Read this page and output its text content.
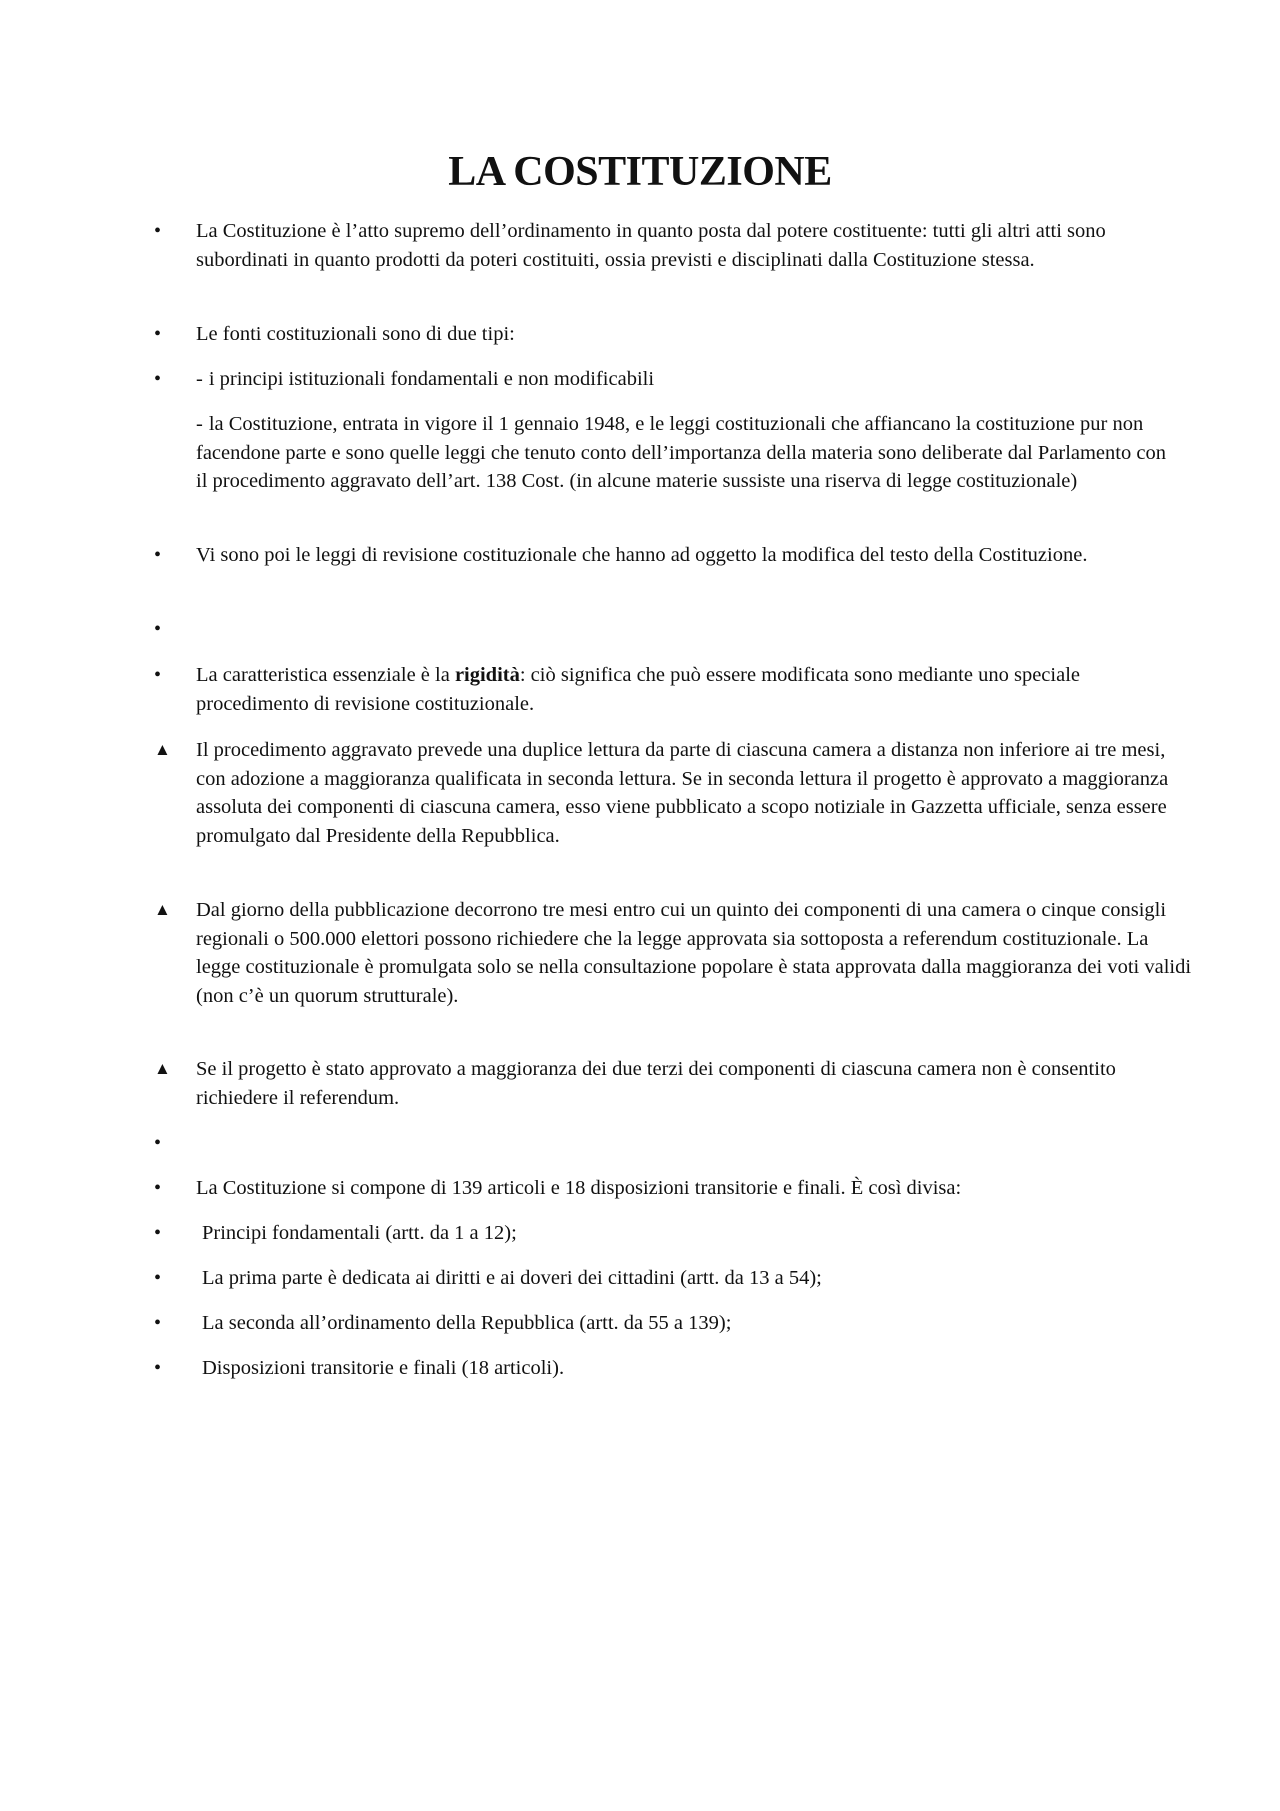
LA COSTITUZIONE
•	La Costituzione è l’atto supremo dell’ordinamento in quanto posta dal potere costituente: tutti gli altri atti sono subordinati in quanto prodotti da poteri costituiti, ossia previsti e disciplinati dalla Costituzione stessa.
•	Le fonti costituzionali sono di due tipi:
•	- i principi istituzionali fondamentali e non modificabili
- la Costituzione, entrata in vigore il 1 gennaio 1948, e le leggi costituzionali che affiancano la costituzione pur non facendone parte e sono quelle leggi che tenuto conto dell’importanza della materia sono deliberate dal Parlamento con il procedimento aggravato dell’art. 138 Cost. (in alcune materie sussiste una riserva di legge costituzionale)
•	Vi sono poi le leggi di revisione costituzionale che hanno ad oggetto la modifica del testo della Costituzione.
•
•	La caratteristica essenziale è la rigidità: ciò significa che può essere modificata sono mediante uno speciale procedimento di revisione costituzionale.
▲	Il procedimento aggravato prevede una duplice lettura da parte di ciascuna camera a distanza non inferiore ai tre mesi, con adozione a maggioranza qualificata in seconda lettura. Se in seconda lettura il progetto è approvato a maggioranza assoluta dei componenti di ciascuna camera, esso viene pubblicato a scopo notiziale in Gazzetta ufficiale, senza essere promulgato dal Presidente della Repubblica.
▲	Dal giorno della pubblicazione decorrono tre mesi entro cui un quinto dei componenti di una camera o cinque consigli regionali o 500.000 elettori possono richiedere che la legge approvata sia sottoposta a referendum costituzionale. La legge costituzionale è promulgata solo se nella consultazione popolare è stata approvata dalla maggioranza dei voti validi (non c’è un quorum strutturale).
▲	Se il progetto è stato approvato a maggioranza dei due terzi dei componenti di ciascuna camera non è consentito richiedere il referendum.
•
•	La Costituzione si compone di 139 articoli e 18 disposizioni transitorie e finali. È così divisa:
•	Principi fondamentali (artt. da 1 a 12);
•	La prima parte è dedicata ai diritti e ai doveri dei cittadini (artt. da 13 a 54);
•	La seconda all’ordinamento della Repubblica (artt. da 55 a 139);
•	Disposizioni transitorie e finali (18 articoli).
